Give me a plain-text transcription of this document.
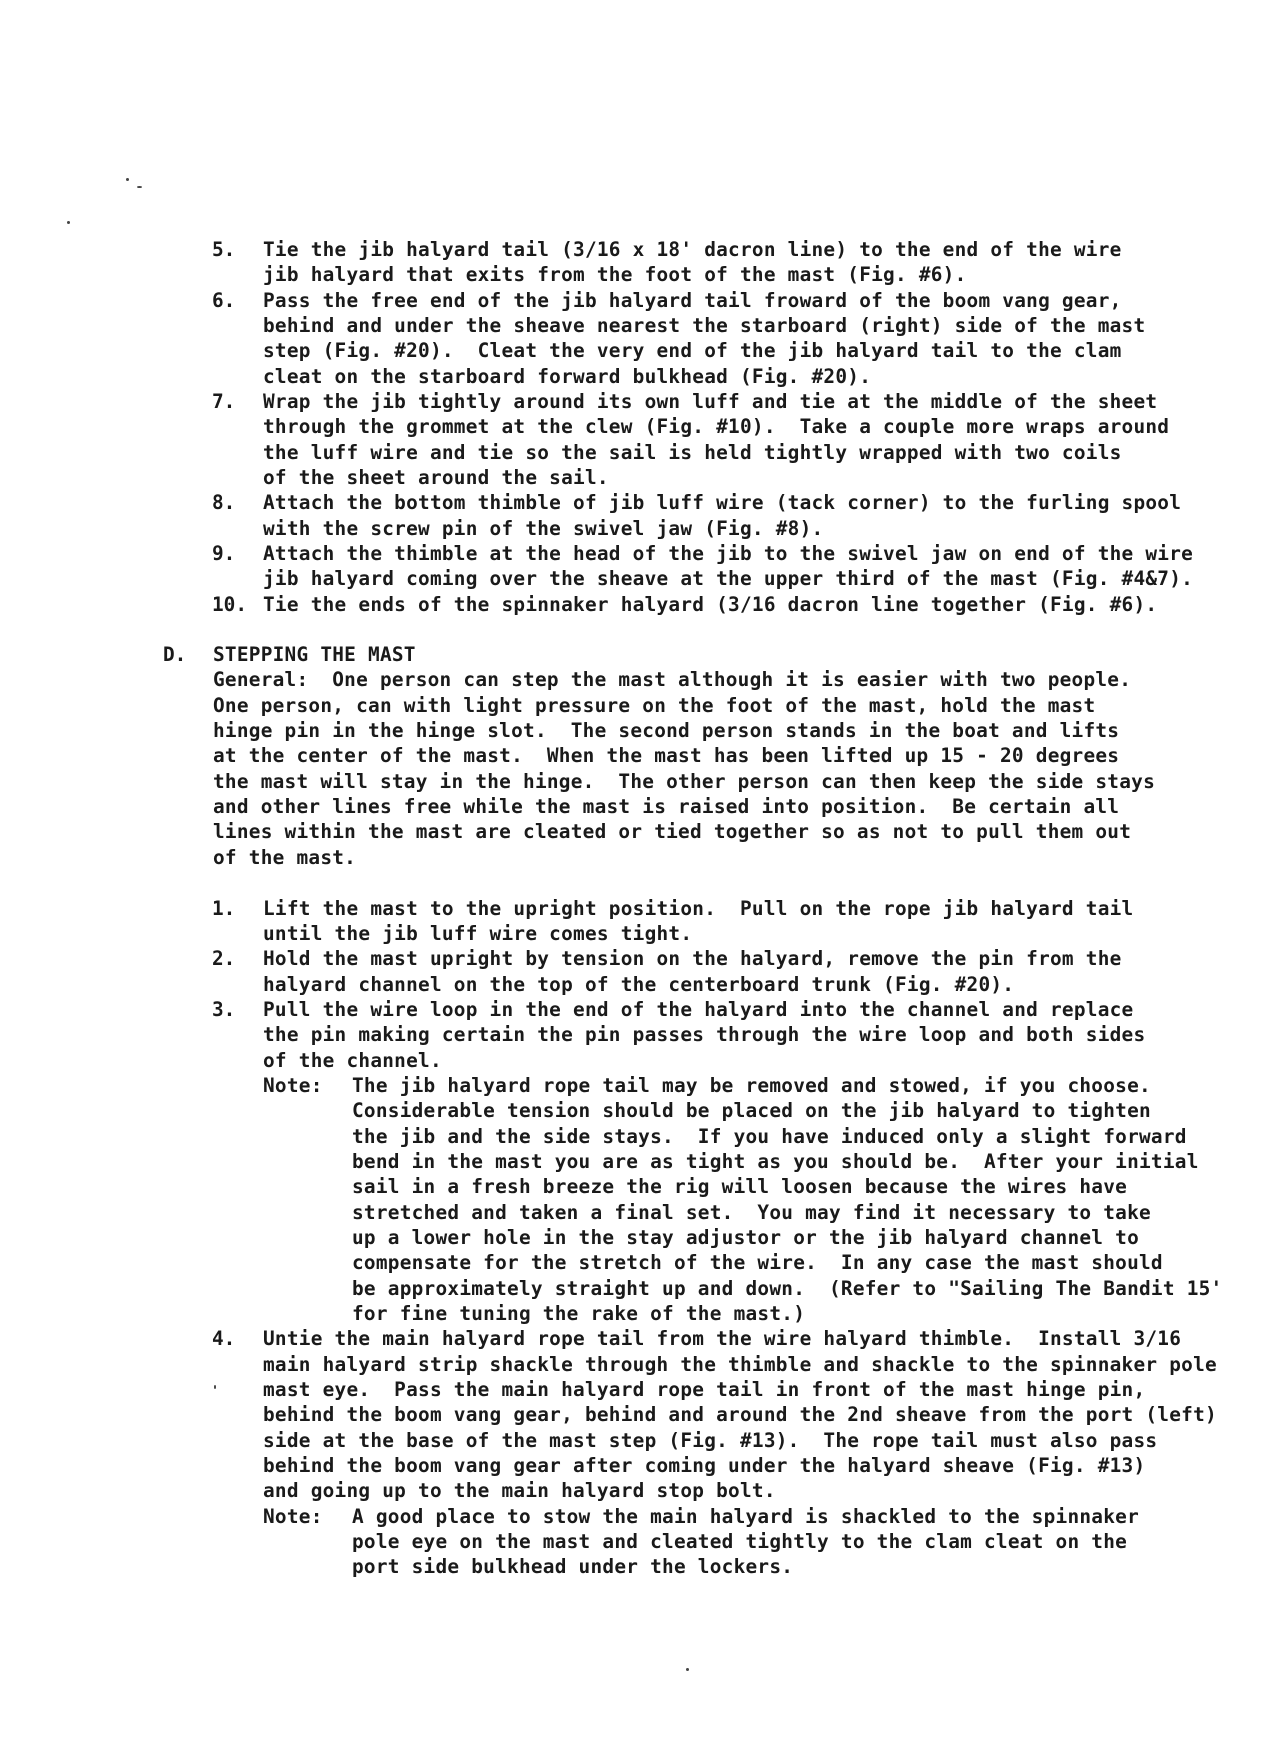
5. Tie the jib halyard tail (3/16 x 18' dacron line) to the end of the wire
jib halyard that exits from the foot of the mast (Fig. #6).
6. Pass the free end of the jib halyard tail froward of the boom vang gear,
behind and under the sheave nearest the starboard (right) side of the mast
step (Fig. #20).  Cleat the very end of the jib halyard tail to the clam
cleat on the starboard forward bulkhead (Fig. #20).
7. Wrap the jib tightly around its own luff and tie at the middle of the sheet
through the grommet at the clew (Fig. #10).  Take a couple more wraps around
the luff wire and tie so the sail is held tightly wrapped with two coils
of the sheet around the sail.
8. Attach the bottom thimble of jib luff wire (tack corner) to the furling spool
with the screw pin of the swivel jaw (Fig. #8).
9. Attach the thimble at the head of the jib to the swivel jaw on end of the wire
jib halyard coming over the sheave at the upper third of the mast (Fig. #4&7).
10. Tie the ends of the spinnaker halyard (3/16 dacron line together (Fig. #6).
D. STEPPING THE MAST
General:  One person can step the mast although it is easier with two people.
One person, can with light pressure on the foot of the mast, hold the mast
hinge pin in the hinge slot.  The second person stands in the boat and lifts
at the center of the mast.  When the mast has been lifted up 15 - 20 degrees
the mast will stay in the hinge.  The other person can then keep the side stays
and other lines free while the mast is raised into position.  Be certain all
lines within the mast are cleated or tied together so as not to pull them out
of the mast.
1. Lift the mast to the upright position.  Pull on the rope jib halyard tail
until the jib luff wire comes tight.
2. Hold the mast upright by tension on the halyard, remove the pin from the
halyard channel on the top of the centerboard trunk (Fig. #20).
3. Pull the wire loop in the end of the halyard into the channel and replace
the pin making certain the pin passes through the wire loop and both sides
of the channel.
Note: The jib halyard rope tail may be removed and stowed, if you choose.
Considerable tension should be placed on the jib halyard to tighten
the jib and the side stays.  If you have induced only a slight forward
bend in the mast you are as tight as you should be.  After your initial
sail in a fresh breeze the rig will loosen because the wires have
stretched and taken a final set.  You may find it necessary to take
up a lower hole in the stay adjustor or the jib halyard channel to
compensate for the stretch of the wire.  In any case the mast should
be approximately straight up and down.  (Refer to "Sailing The Bandit 15'
for fine tuning the rake of the mast.)
4. Untie the main halyard rope tail from the wire halyard thimble.  Install 3/16
main halyard strip shackle through the thimble and shackle to the spinnaker pole
mast eye.  Pass the main halyard rope tail in front of the mast hinge pin,
behind the boom vang gear, behind and around the 2nd sheave from the port (left)
side at the base of the mast step (Fig. #13).  The rope tail must also pass
behind the boom vang gear after coming under the halyard sheave (Fig. #13)
and going up to the main halyard stop bolt.
Note: A good place to stow the main halyard is shackled to the spinnaker
pole eye on the mast and cleated tightly to the clam cleat on the
port side bulkhead under the lockers.
